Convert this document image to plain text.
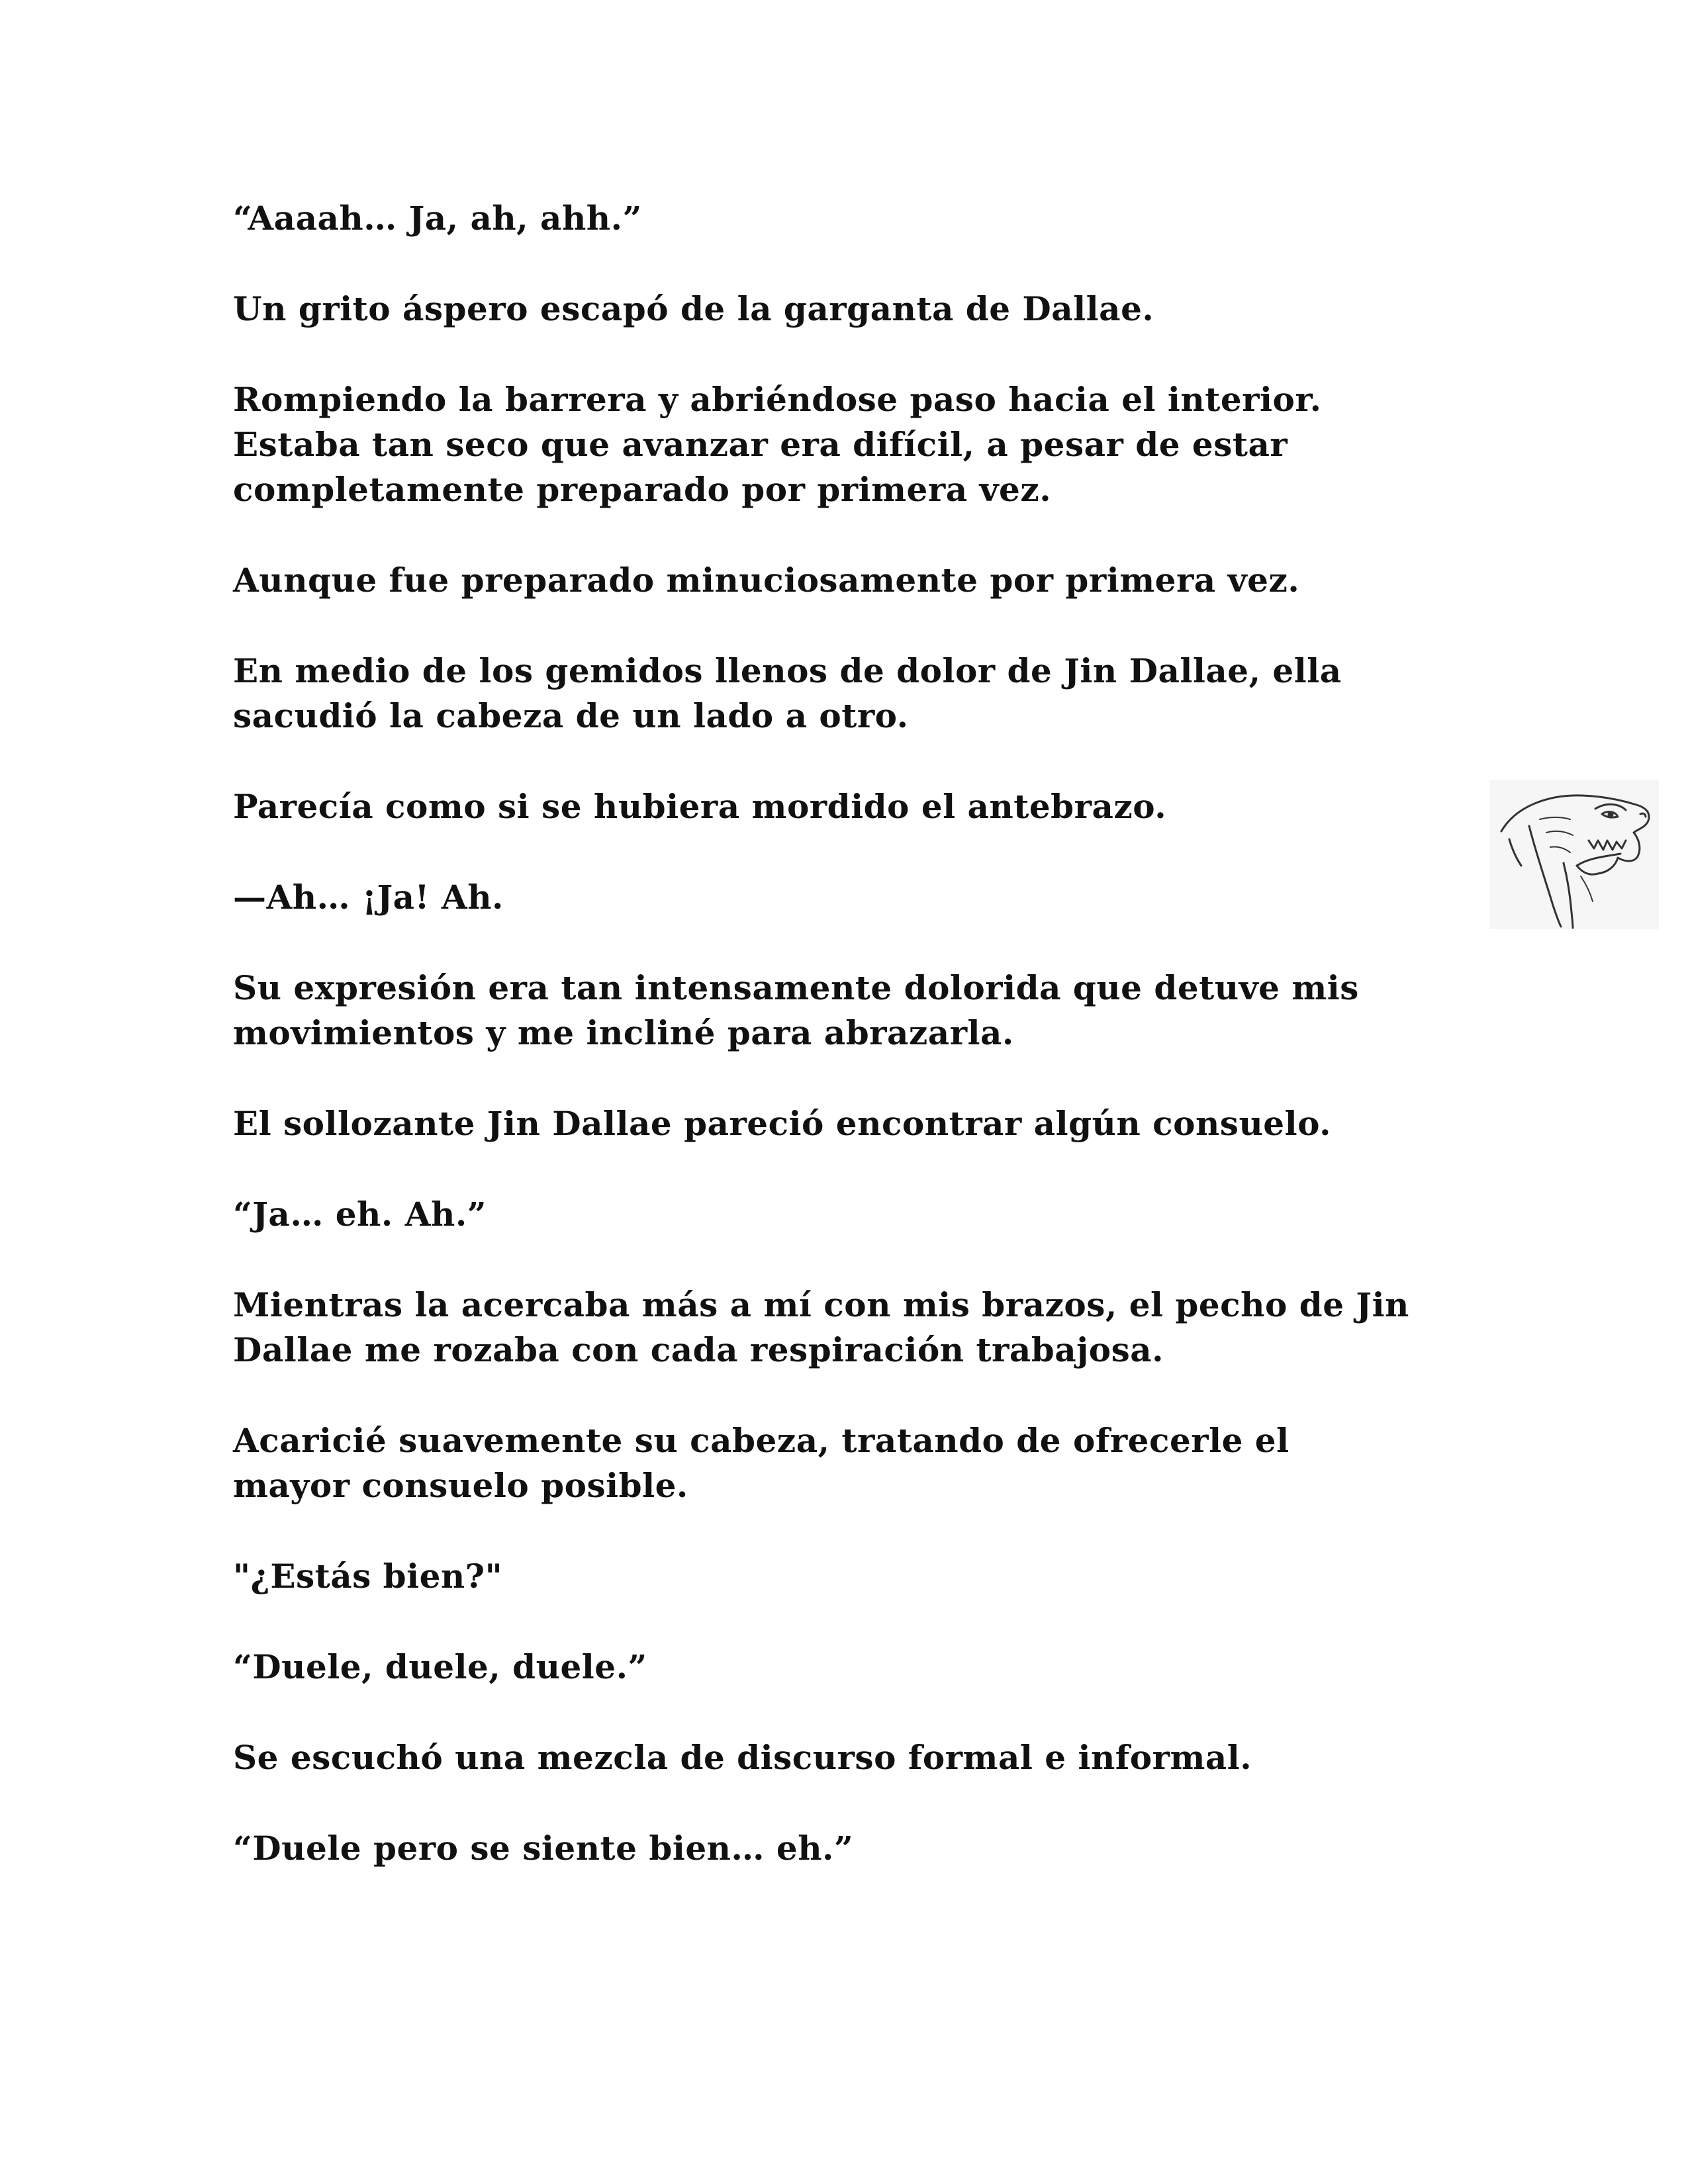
“Aaaah… Ja, ah, ahh.”

Un grito áspero escapó de la garganta de Dallae.

Rompiendo la barrera y abriéndose paso hacia el interior.
Estaba tan seco que avanzar era difícil, a pesar de estar
completamente preparado por primera vez.

Aunque fue preparado minuciosamente por primera vez.

En medio de los gemidos llenos de dolor de Jin Dallae, ella
sacudió la cabeza de un lado a otro.

Parecía como si se hubiera mordido el antebrazo.

—Ah… ¡Ja! Ah.

Su expresión era tan intensamente dolorida que detuve mis
movimientos y me incliné para abrazarla.

El sollozante Jin Dallae pareció encontrar algún consuelo.

“Ja… eh. Ah.”

Mientras la acercaba más a mí con mis brazos, el pecho de Jin
Dallae me rozaba con cada respiración trabajosa.

Acaricié suavemente su cabeza, tratando de ofrecerle el
mayor consuelo posible.

"¿Estás bien?"

“Duele, duele, duele.”

Se escuchó una mezcla de discurso formal e informal.

“Duele pero se siente bien… eh.”
